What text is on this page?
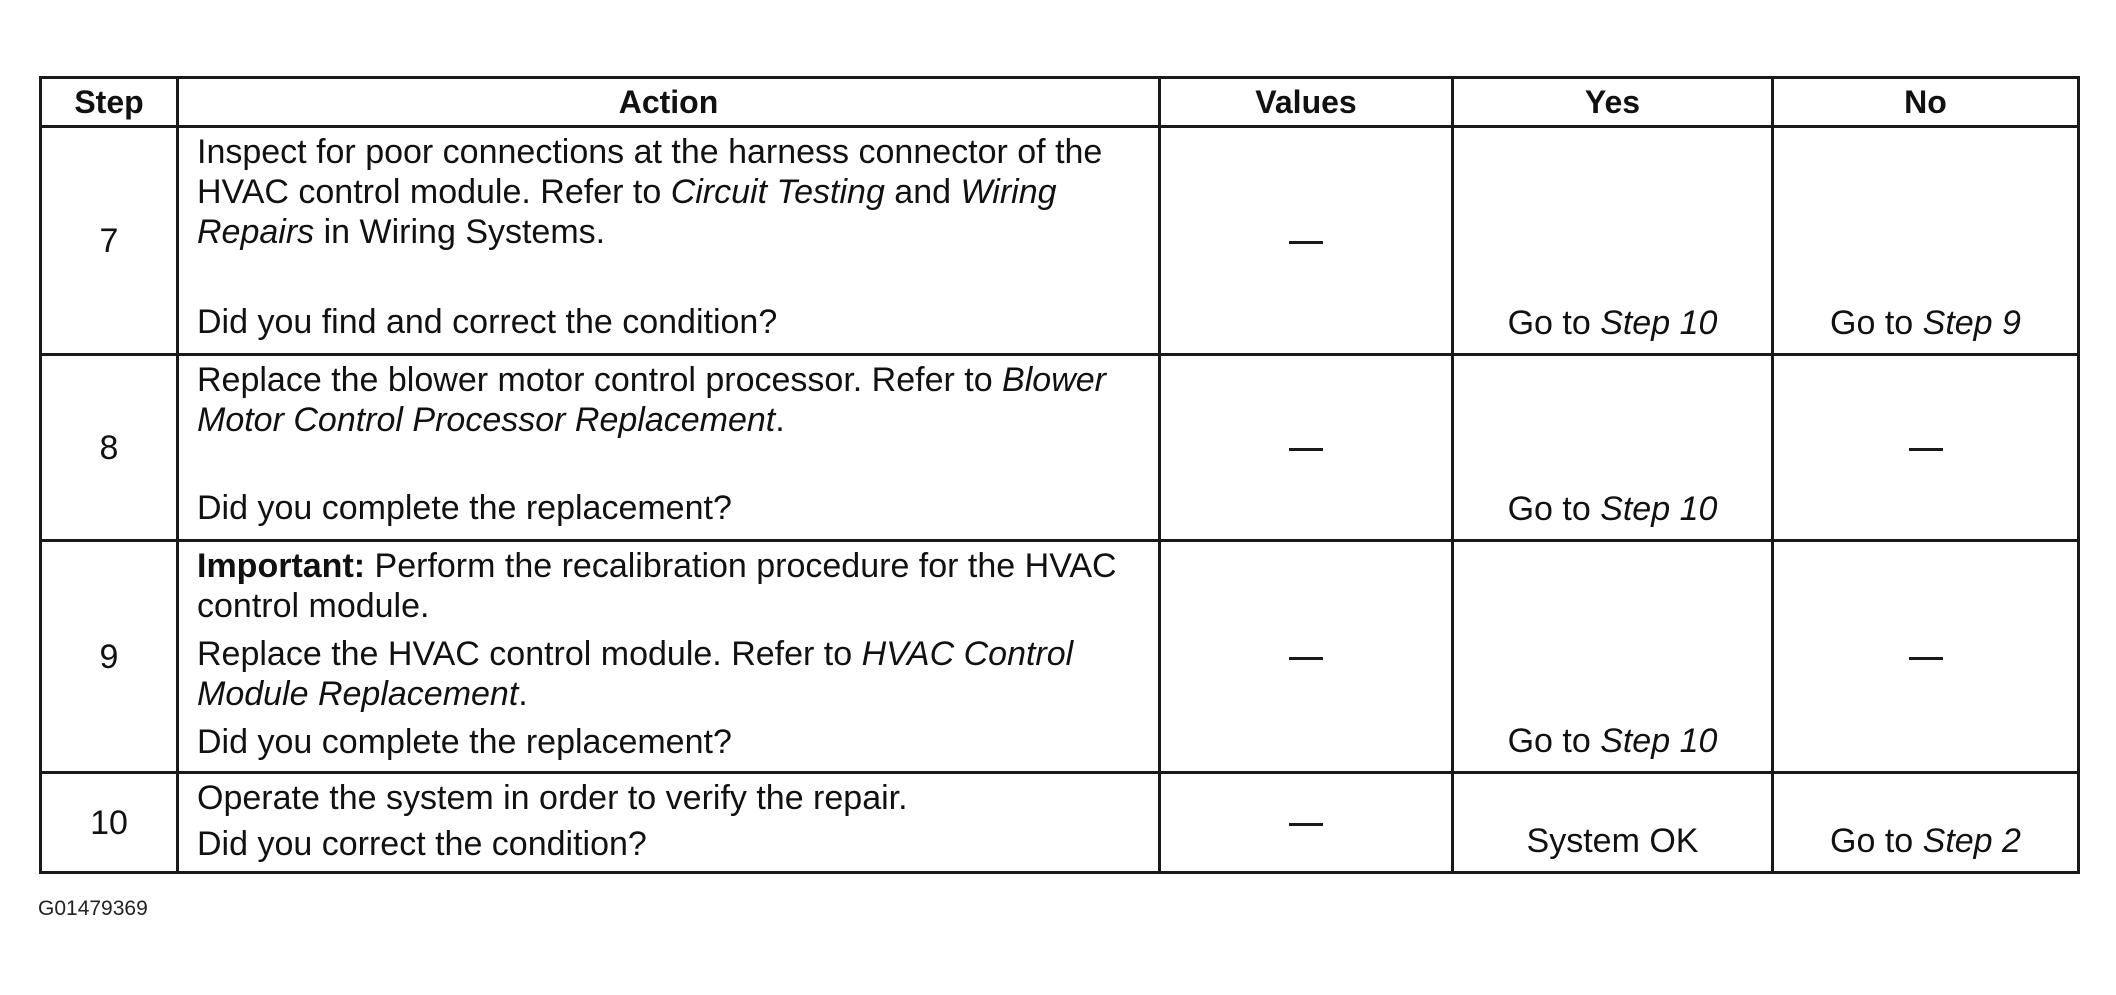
Step	Action	Values	Yes	No
7	Inspect for poor connections at the harness connector of the HVAC control module. Refer to Circuit Testing and Wiring Repairs in Wiring Systems.

Did you find and correct the condition?		Go to Step 10	Go to Step 9
8	Replace the blower motor control processor. Refer to Blower Motor Control Processor Replacement.

Did you complete the replacement?		Go to Step 10	
9	Important: Perform the recalibration procedure for the HVAC control module.

Replace the HVAC control module. Refer to HVAC Control Module Replacement.

Did you complete the replacement?		Go to Step 10	
10	Operate the system in order to verify the repair.

Did you correct the condition?		System OK	Go to Step 2
G01479369
